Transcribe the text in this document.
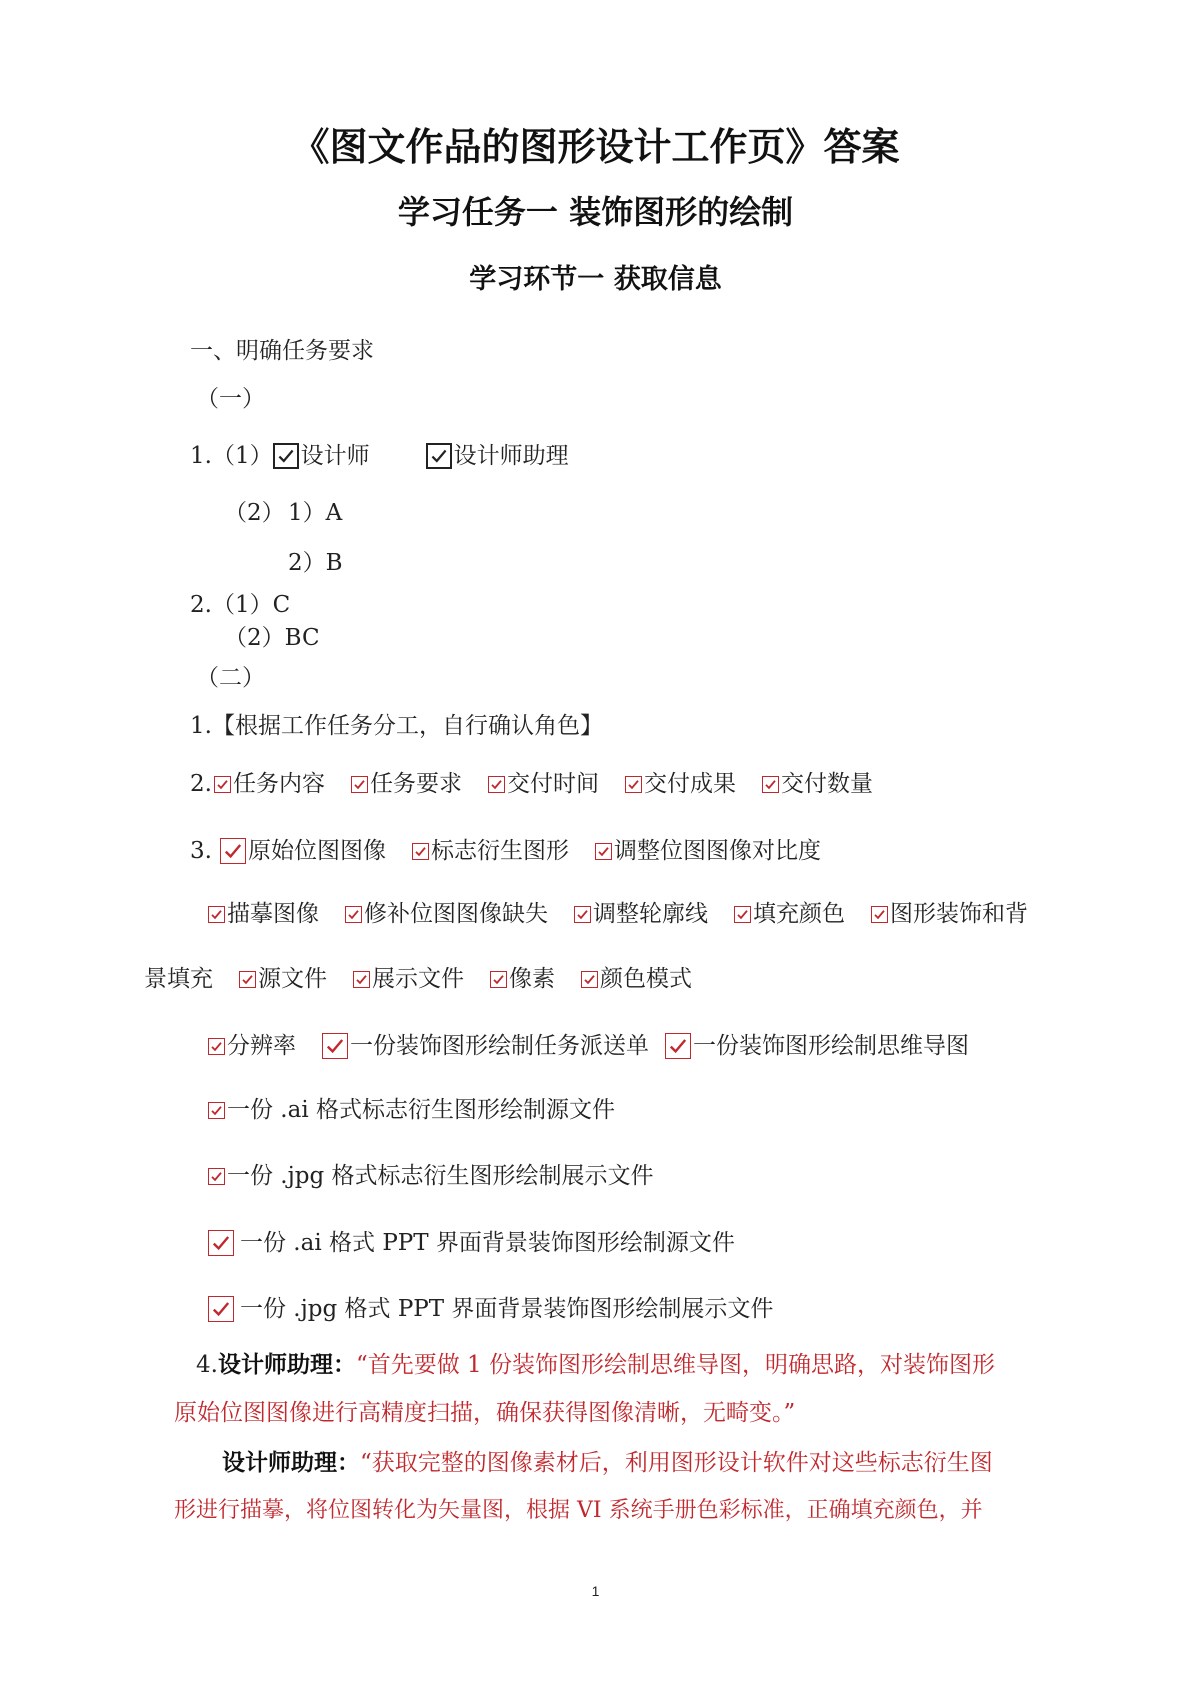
《图文作品的图形设计工作页》答案
学习任务一 装饰图形的绘制
学习环节一 获取信息
一、明确任务要求
（一）
1.（1） 设计师	设计师助理
（2） 1）A
2）B
2.（1）C
（2）BC
（二）
1.【根据工作任务分工，自行确认角色】
2. 任务内容 任务要求 交付时间 交付成果 交付数量
3. 原始位图图像 标志衍生图形 调整位图图像对比度
描摹图像 修补位图图像缺失 调整轮廓线 填充颜色 图形装饰和背
景填充 源文件 展示文件 像素 颜色模式
分辨率 一份装饰图形绘制任务派送单 一份装饰图形绘制思维导图
一份 .ai 格式标志衍生图形绘制源文件
一份 .jpg 格式标志衍生图形绘制展示文件
一份 .ai 格式 PPT 界面背景装饰图形绘制源文件
一份 .jpg 格式 PPT 界面背景装饰图形绘制展示文件
4.设计师助理：“首先要做 1 份装饰图形绘制思维导图，明确思路，对装饰图形
原始位图图像进行高精度扫描，确保获得图像清晰，无畸变。”
设计师助理：“获取完整的图像素材后，利用图形设计软件对这些标志衍生图
形进行描摹，将位图转化为矢量图，根据 VI 系统手册色彩标准，正确填充颜色，并
1
